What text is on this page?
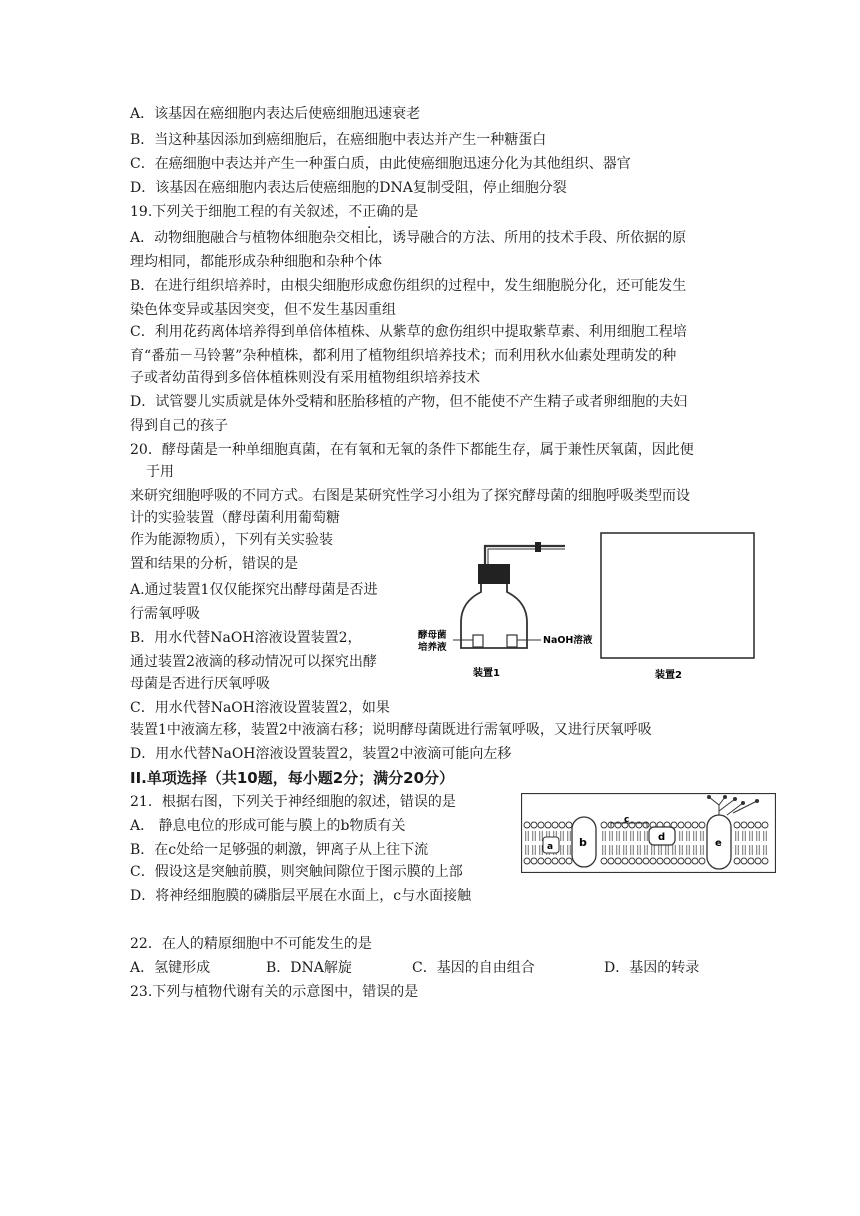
A．该基因在癌细胞内表达后使癌细胞迅速衰老
B．当这种基因添加到癌细胞后，在癌细胞中表达并产生一种糖蛋白
C．在癌细胞中表达并产生一种蛋白质，由此使癌细胞迅速分化为其他组织、器官
D．该基因在癌细胞内表达后使癌细胞的DNA复制受阻，停止细胞分裂
19.下列关于细胞工程的有关叙述，不正确的是
A．动物细胞融合与植物体细胞杂交相比，诱导融合的方法、所用的技术手段、所依据的原
理均相同，都能形成杂种细胞和杂种个体
B．在进行组织培养时，由根尖细胞形成愈伤组织的过程中，发生细胞脱分化，还可能发生
染色体变异或基因突变，但不发生基因重组
C．利用花药离体培养得到单倍体植株、从紫草的愈伤组织中提取紫草素、利用细胞工程培
育“番茄－马铃薯”杂种植株，都利用了植物组织培养技术；而利用秋水仙素处理萌发的种
子或者幼苗得到多倍体植株则没有采用植物组织培养技术
D．试管婴儿实质就是体外受精和胚胎移植的产物，但不能使不产生精子或者卵细胞的夫妇
得到自己的孩子
20．酵母菌是一种单细胞真菌，在有氧和无氧的条件下都能生存，属于兼性厌氧菌，因此便
于用
来研究细胞呼吸的不同方式。右图是某研究性学习小组为了探究酵母菌的细胞呼吸类型而设
计的实验装置（酵母菌利用葡萄糖
作为能源物质），下列有关实验装
置和结果的分析，错误的是
A.通过装置1仅仅能探究出酵母菌是否进
行需氧呼吸
B．用水代替NaOH溶液设置装置2，
通过装置2液滴的移动情况可以探究出酵
母菌是否进行厌氧呼吸
C．用水代替NaOH溶液设置装置2，如果
装置1中液滴左移，装置2中液滴右移；说明酵母菌既进行需氧呼吸，又进行厌氧呼吸
D．用水代替NaOH溶液设置装置2，装置2中液滴可能向左移
酵母菌
培养液
NaOH溶液
装置1	装置2
II.单项选择（共10题，每小题2分；满分20分）
21．根据右图，下列关于神经细胞的叙述，错误的是
A． 静息电位的形成可能与膜上的b物质有关
B．在c处给一足够强的刺激，钾离子从上往下流
C．假设这是突触前膜，则突触间隙位于图示膜的上部
D．将神经细胞膜的磷脂层平展在水面上，c与水面接触
a b
c
d
e
22．在人的精原细胞中不可能发生的是
A．氢键形成	B．DNA解旋	C．基因的自由组合	D．基因的转录
23.下列与植物代谢有关的示意图中，错误的是
